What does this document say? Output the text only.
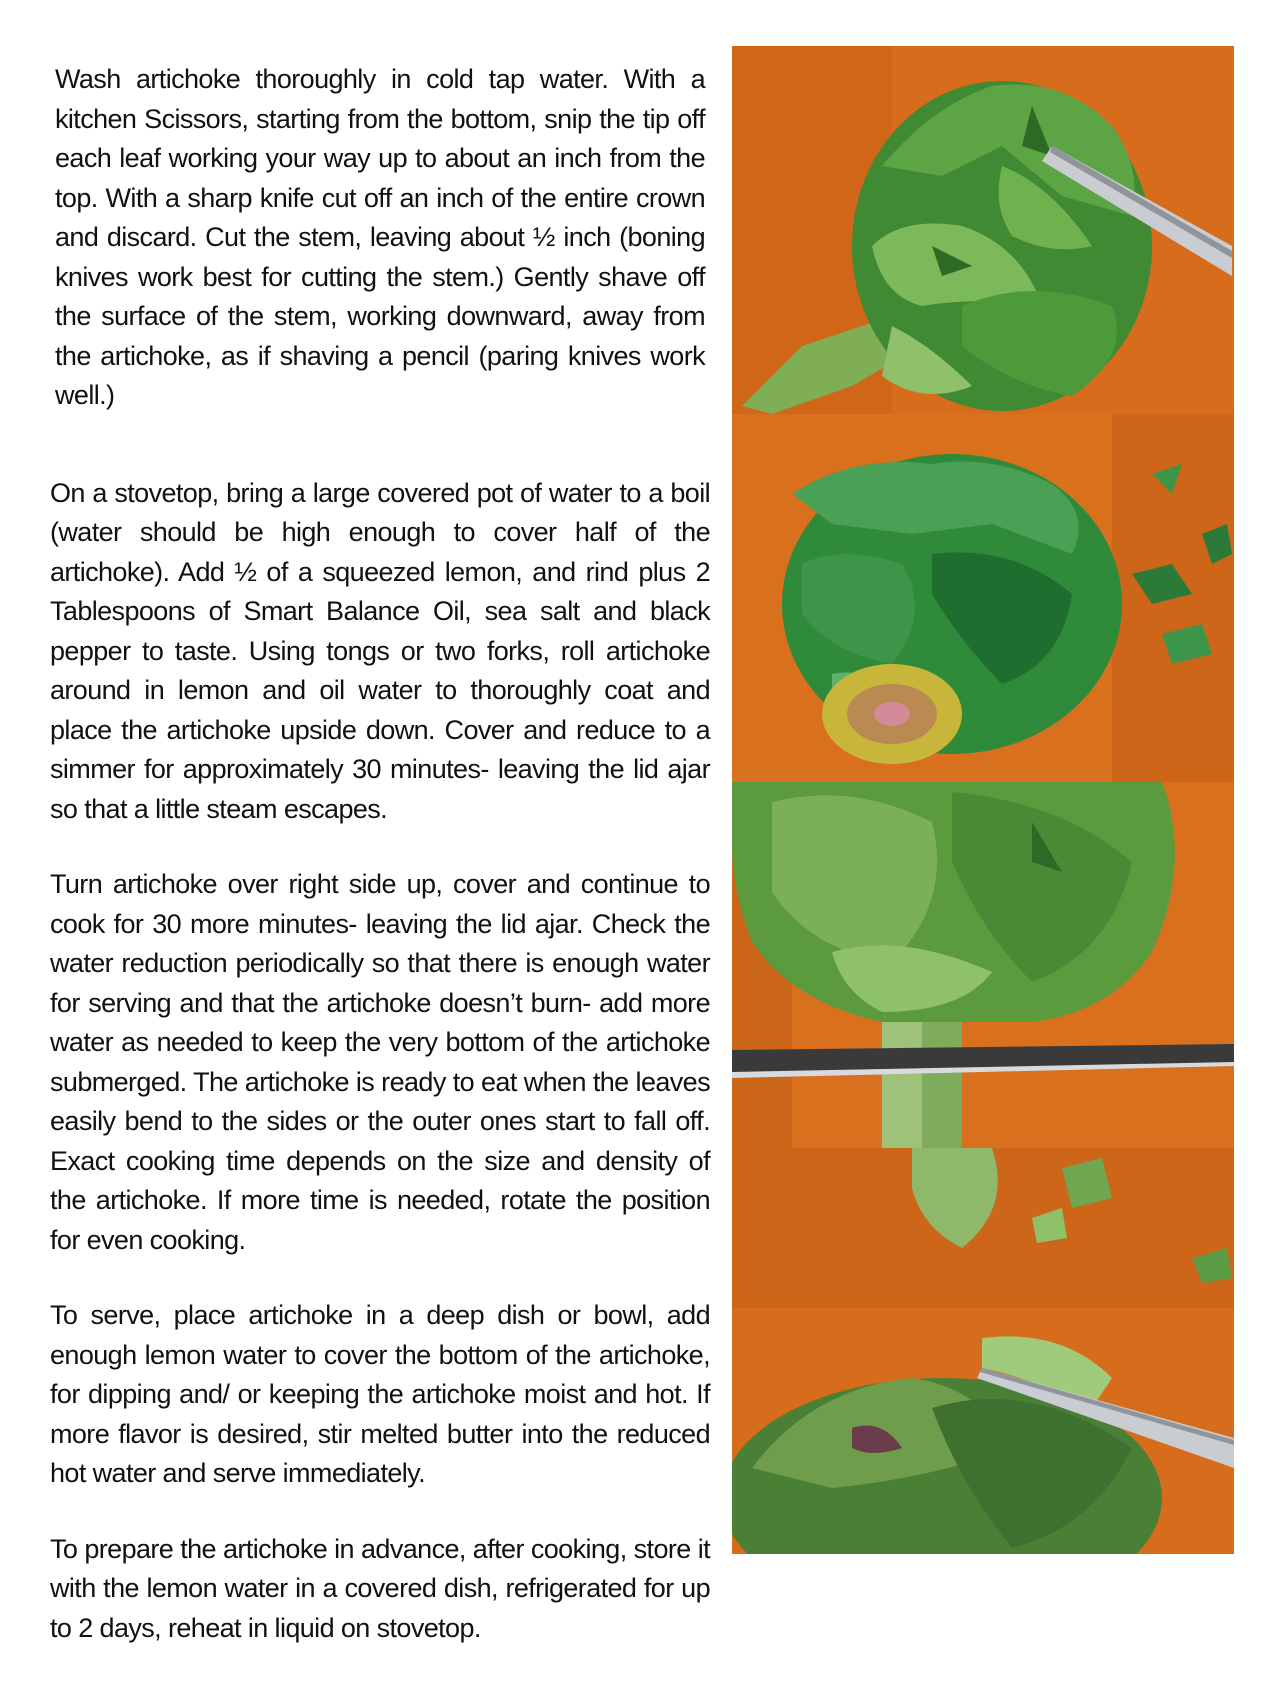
Wash artichoke thoroughly in cold tap water. With a kitchen Scissors, starting from the bottom, snip the tip off each leaf working your way up to about an inch from the top. With a sharp knife cut off an inch of the entire crown and discard. Cut the stem, leaving about ½ inch (boning knives work best for cutting the stem.) Gently shave off the surface of the stem, working downward, away from the artichoke, as if shaving a pencil (paring knives work well.)

On a stovetop, bring a large covered pot of water to a boil (water should be high enough to cover half of the artichoke). Add ½ of a squeezed lemon, and rind plus 2 Tablespoons of Smart Balance Oil, sea salt and black pepper to taste. Using tongs or two forks, roll artichoke around in lemon and oil water to thoroughly coat and place the artichoke upside down. Cover and reduce to a simmer for approximately 30 minutes- leaving the lid ajar so that a little steam escapes.

Turn artichoke over right side up, cover and continue to cook for 30 more minutes- leaving the lid ajar. Check the water reduction periodically so that there is enough water for serving and that the artichoke doesn’t burn- add more water as needed to keep the very bottom of the artichoke submerged. The artichoke is ready to eat when the leaves easily bend to the sides or the outer ones start to fall off. Exact cooking time depends on the size and density of the artichoke. If more time is needed, rotate the position for even cooking.

To serve, place artichoke in a deep dish or bowl, add enough lemon water to cover the bottom of the artichoke, for dipping and/ or keeping the artichoke moist and hot. If more flavor is desired, stir melted butter into the reduced hot water and serve immediately.

To prepare the artichoke in advance, after cooking, store it with the lemon water in a covered dish, refrigerated for up to 2 days, reheat in liquid on stovetop.
